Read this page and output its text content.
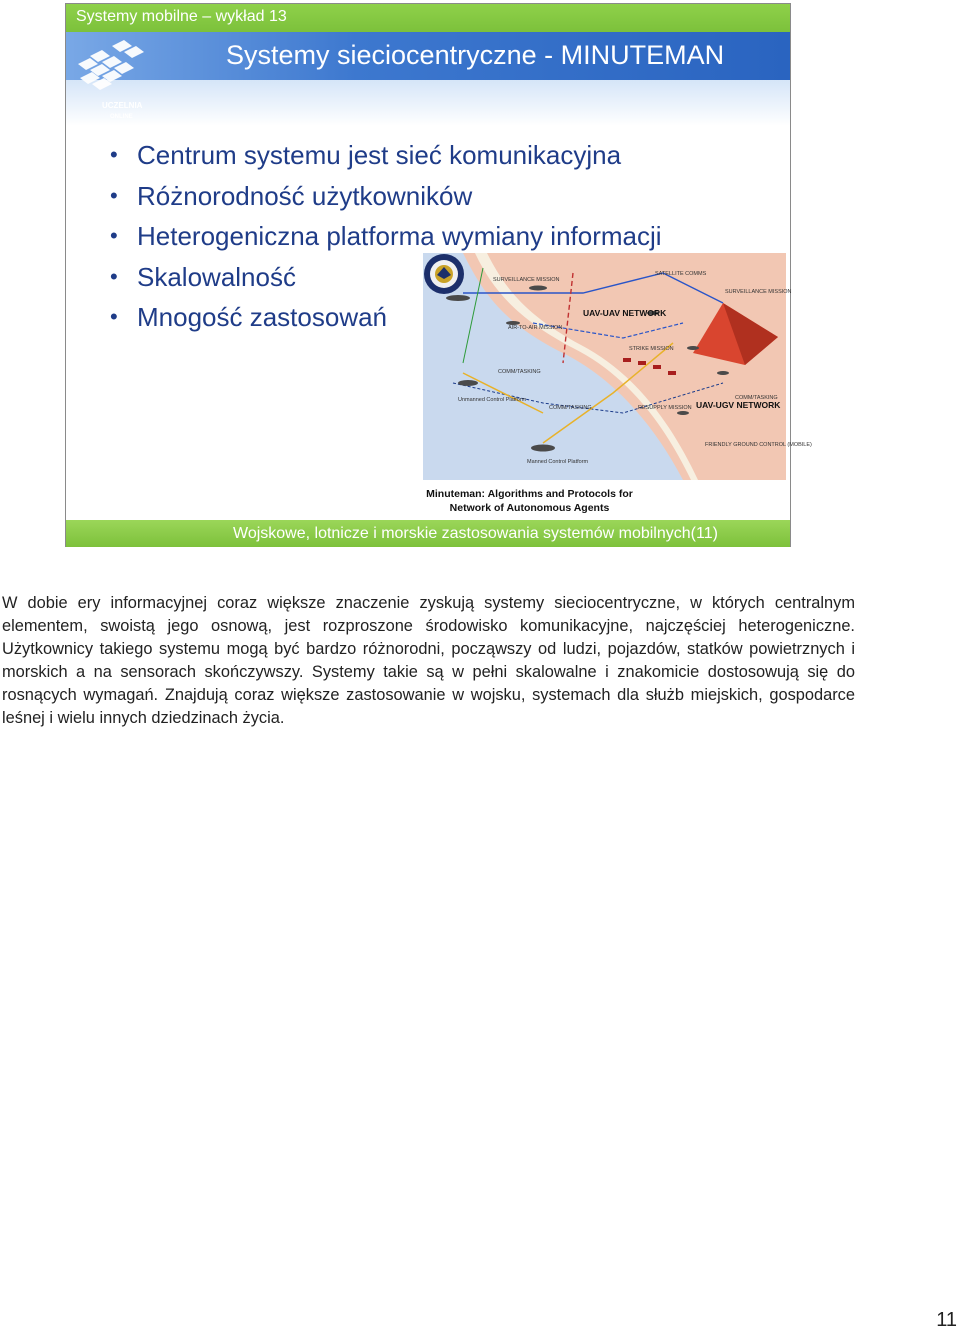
Systemy mobilne – wykład 13
Systemy sieciocentryczne - MINUTEMAN
UCZELNIA
ONLINE
• Centrum systemu jest sieć komunikacyjna
• Różnorodność użytkowników
• Heterogeniczna platforma wymiany informacji
• Skalowalność
• Mnogość zastosowań
SURVEILLANCE MISSION
SATELLITE COMMS
SURVEILLANCE MISSION
UAV-UAV NETWORK
AIR-TO-AIR MISSION
STRIKE MISSION
COMM/TASKING
Unmanned Control Platform
COMM/TASKING	RESUPPLY MISSION
COMM/TASKING
UAV-UGV NETWORK
FRIENDLY GROUND CONTROL (MOBILE)
Manned Control Platform
Minuteman: Algorithms and Protocols for
Network of Autonomous Agents
Wojskowe, lotnicze i morskie zastosowania systemów mobilnych(11)

W dobie ery informacyjnej coraz większe znaczenie zyskują systemy sieciocentryczne, w których centralnym elementem, swoistą jego osnową, jest rozproszone środowisko komunikacyjne, najczęściej heterogeniczne. Użytkownicy takiego systemu mogą być bardzo różnorodni, począwszy od ludzi, pojazdów, statków powietrznych i morskich a na sensorach skończywszy. Systemy takie są w pełni skalowalne i znakomicie dostosowują się do rosnących wymagań. Znajdują coraz większe zastosowanie w wojsku, systemach dla służb miejskich, gospodarce leśnej i wielu innych dziedzinach życia.

11
